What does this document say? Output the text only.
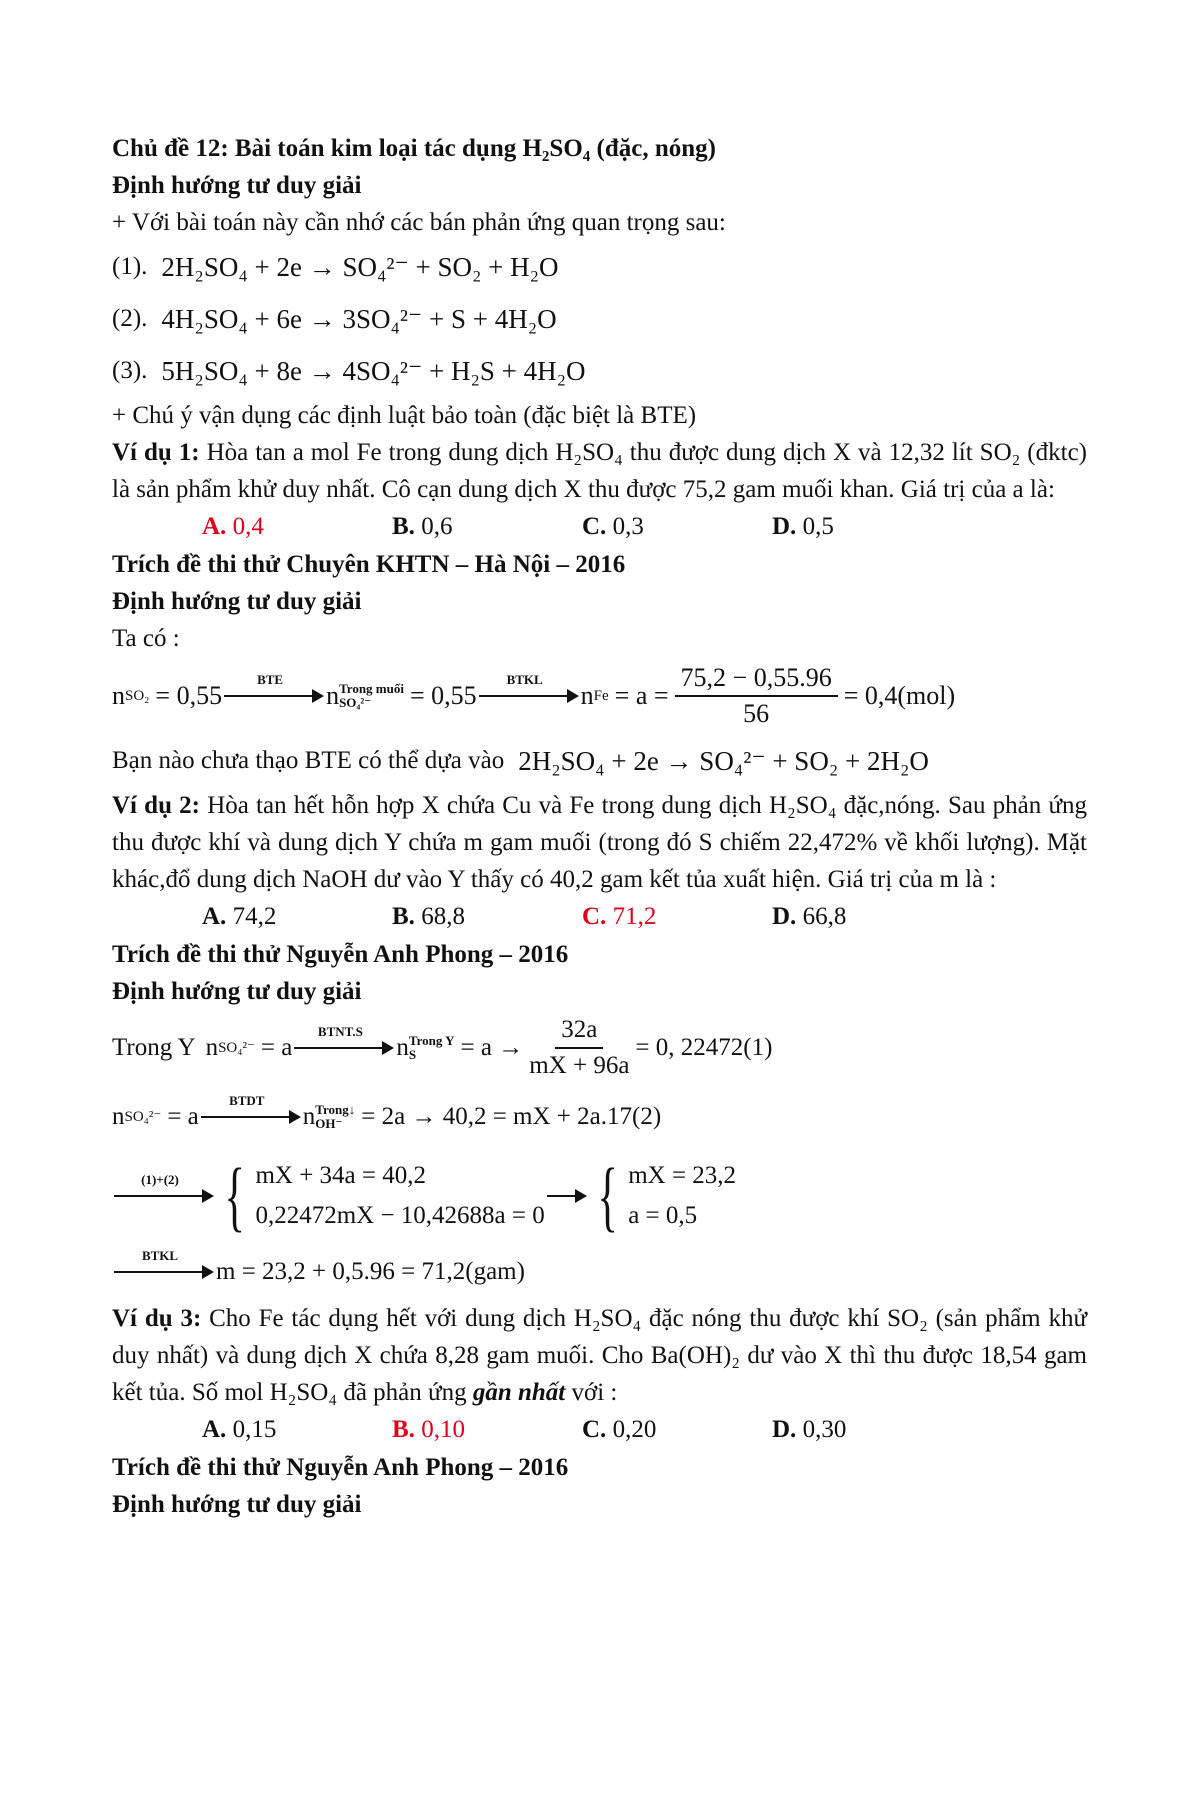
Chủ đề 12: Bài toán kim loại tác dụng H₂SO₄ (đặc, nóng)

Định hướng tư duy giải

+ Với bài toán này cần nhớ các bán phản ứng quan trọng sau:

(1). 2H₂SO₄ + 2e → SO₄²⁻ + SO₂ + H₂O
(2). 4H₂SO₄ + 6e → 3SO₄²⁻ + S + 4H₂O
(3). 5H₂SO₄ + 8e → 4SO₄²⁻ + H₂S + 4H₂O

+ Chú ý vận dụng các định luật bảo toàn (đặc biệt là BTE)

Ví dụ 1: Hòa tan a mol Fe trong dung dịch H₂SO₄ thu được dung dịch X và 12,32 lít SO₂ (đktc) là sản phẩm khử duy nhất. Cô cạn dung dịch X thu được 75,2 gam muối khan. Giá trị của a là:

A. 0,4	B. 0,6	C. 0,3	D. 0,5

Trích đề thi thử Chuyên KHTN – Hà Nội – 2016

Định hướng tư duy giải

Ta có :

n SO₂ = 0,55
BTE
n Trong muối
SO₄²⁻	= 0,55
BTKL
n $Fe = a = \frac{75,2 - 0,55.96}{56} = 0,4(mol)$
Bạn nào chưa thạo BTE có thể dựa vào 2H₂SO₄ + 2e → SO₄²⁻ + SO₂ + 2H₂O

Ví dụ 2: Hòa tan hết hỗn hợp X chứa Cu và Fe trong dung dịch H₂SO₄ đặc,nóng. Sau phản ứng thu được khí và dung dịch Y chứa m gam muối (trong đó S chiếm 22,472% về khối lượng). Mặt khác,đổ dung dịch NaOH dư vào Y thấy có 40,2 gam kết tủa xuất hiện. Giá trị của m là :

A. 74,2	B. 68,8	C. 71,2	D. 66,8

Trích đề thi thử Nguyễn Anh Phong – 2016

Định hướng tư duy giải

Trong Y n SO₄²⁻ = a
BTNT.S
n Trong Y
S	= $a \to \frac{32a}{mX + 96a} = 0$, 22472(1)
n SO₄²⁻ = a
BTDT
n Trong↓
OH⁻ = 2a → 40,2 = mX + 2a.17(2)
(1)+(2) { mX + 34a = 40,2
0,22472mX − 10,42688a = 0 { mX = 23,2
a = 0,5
BTKL
m = 23,2 + 0,5.96 = 71,2(gam)

Ví dụ 3: Cho Fe tác dụng hết với dung dịch H₂SO₄ đặc nóng thu được khí SO₂ (sản phẩm khử duy nhất) và dung dịch X chứa 8,28 gam muối. Cho Ba(OH)₂ dư vào X thì thu được 18,54 gam kết tủa. Số mol H₂SO₄ đã phản ứng gần nhất với :

A. 0,15	B. 0,10	C. 0,20	D. 0,30

Trích đề thi thử Nguyễn Anh Phong – 2016

Định hướng tư duy giải
